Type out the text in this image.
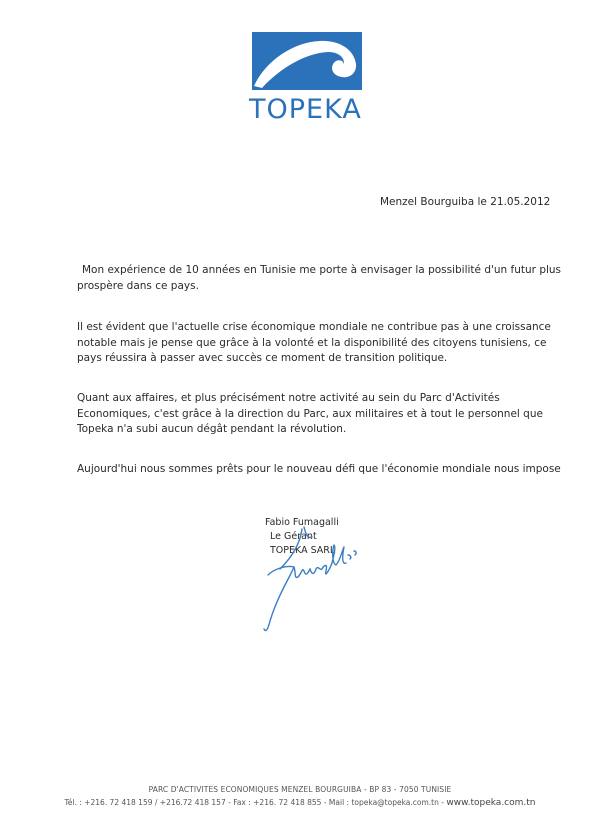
TOPEKA
Menzel Bourguiba le 21.05.2012
Mon expérience de 10 années en Tunisie me porte à envisager la possibilité d'un futur plus
prospère dans ce pays.
Il est évident que l'actuelle crise économique mondiale ne contribue pas à une croissance
notable mais je pense que grâce à la volonté et la disponibilité des citoyens tunisiens, ce
pays réussira à passer avec succès ce moment de transition politique.
Quant aux affaires, et plus précisément notre activité au sein du Parc d'Activités
Economiques, c'est grâce à la direction du Parc, aux militaires et à tout le personnel que
Topeka n'a subi aucun dégât pendant la révolution.
Aujourd'hui nous sommes prêts pour le nouveau défi que l'économie mondiale nous impose
Fabio Fumagalli
Le Gérant
TOPEKA SARL
PARC D'ACTIVITES ECONOMIQUES MENZEL BOURGUIBA - BP 83 - 7050 TUNISIE
Tél. : +216. 72 418 159 / +216.72 418 157 - Fax : +216. 72 418 855 - Mail : topeka@topeka.com.tn - www.topeka.com.tn
